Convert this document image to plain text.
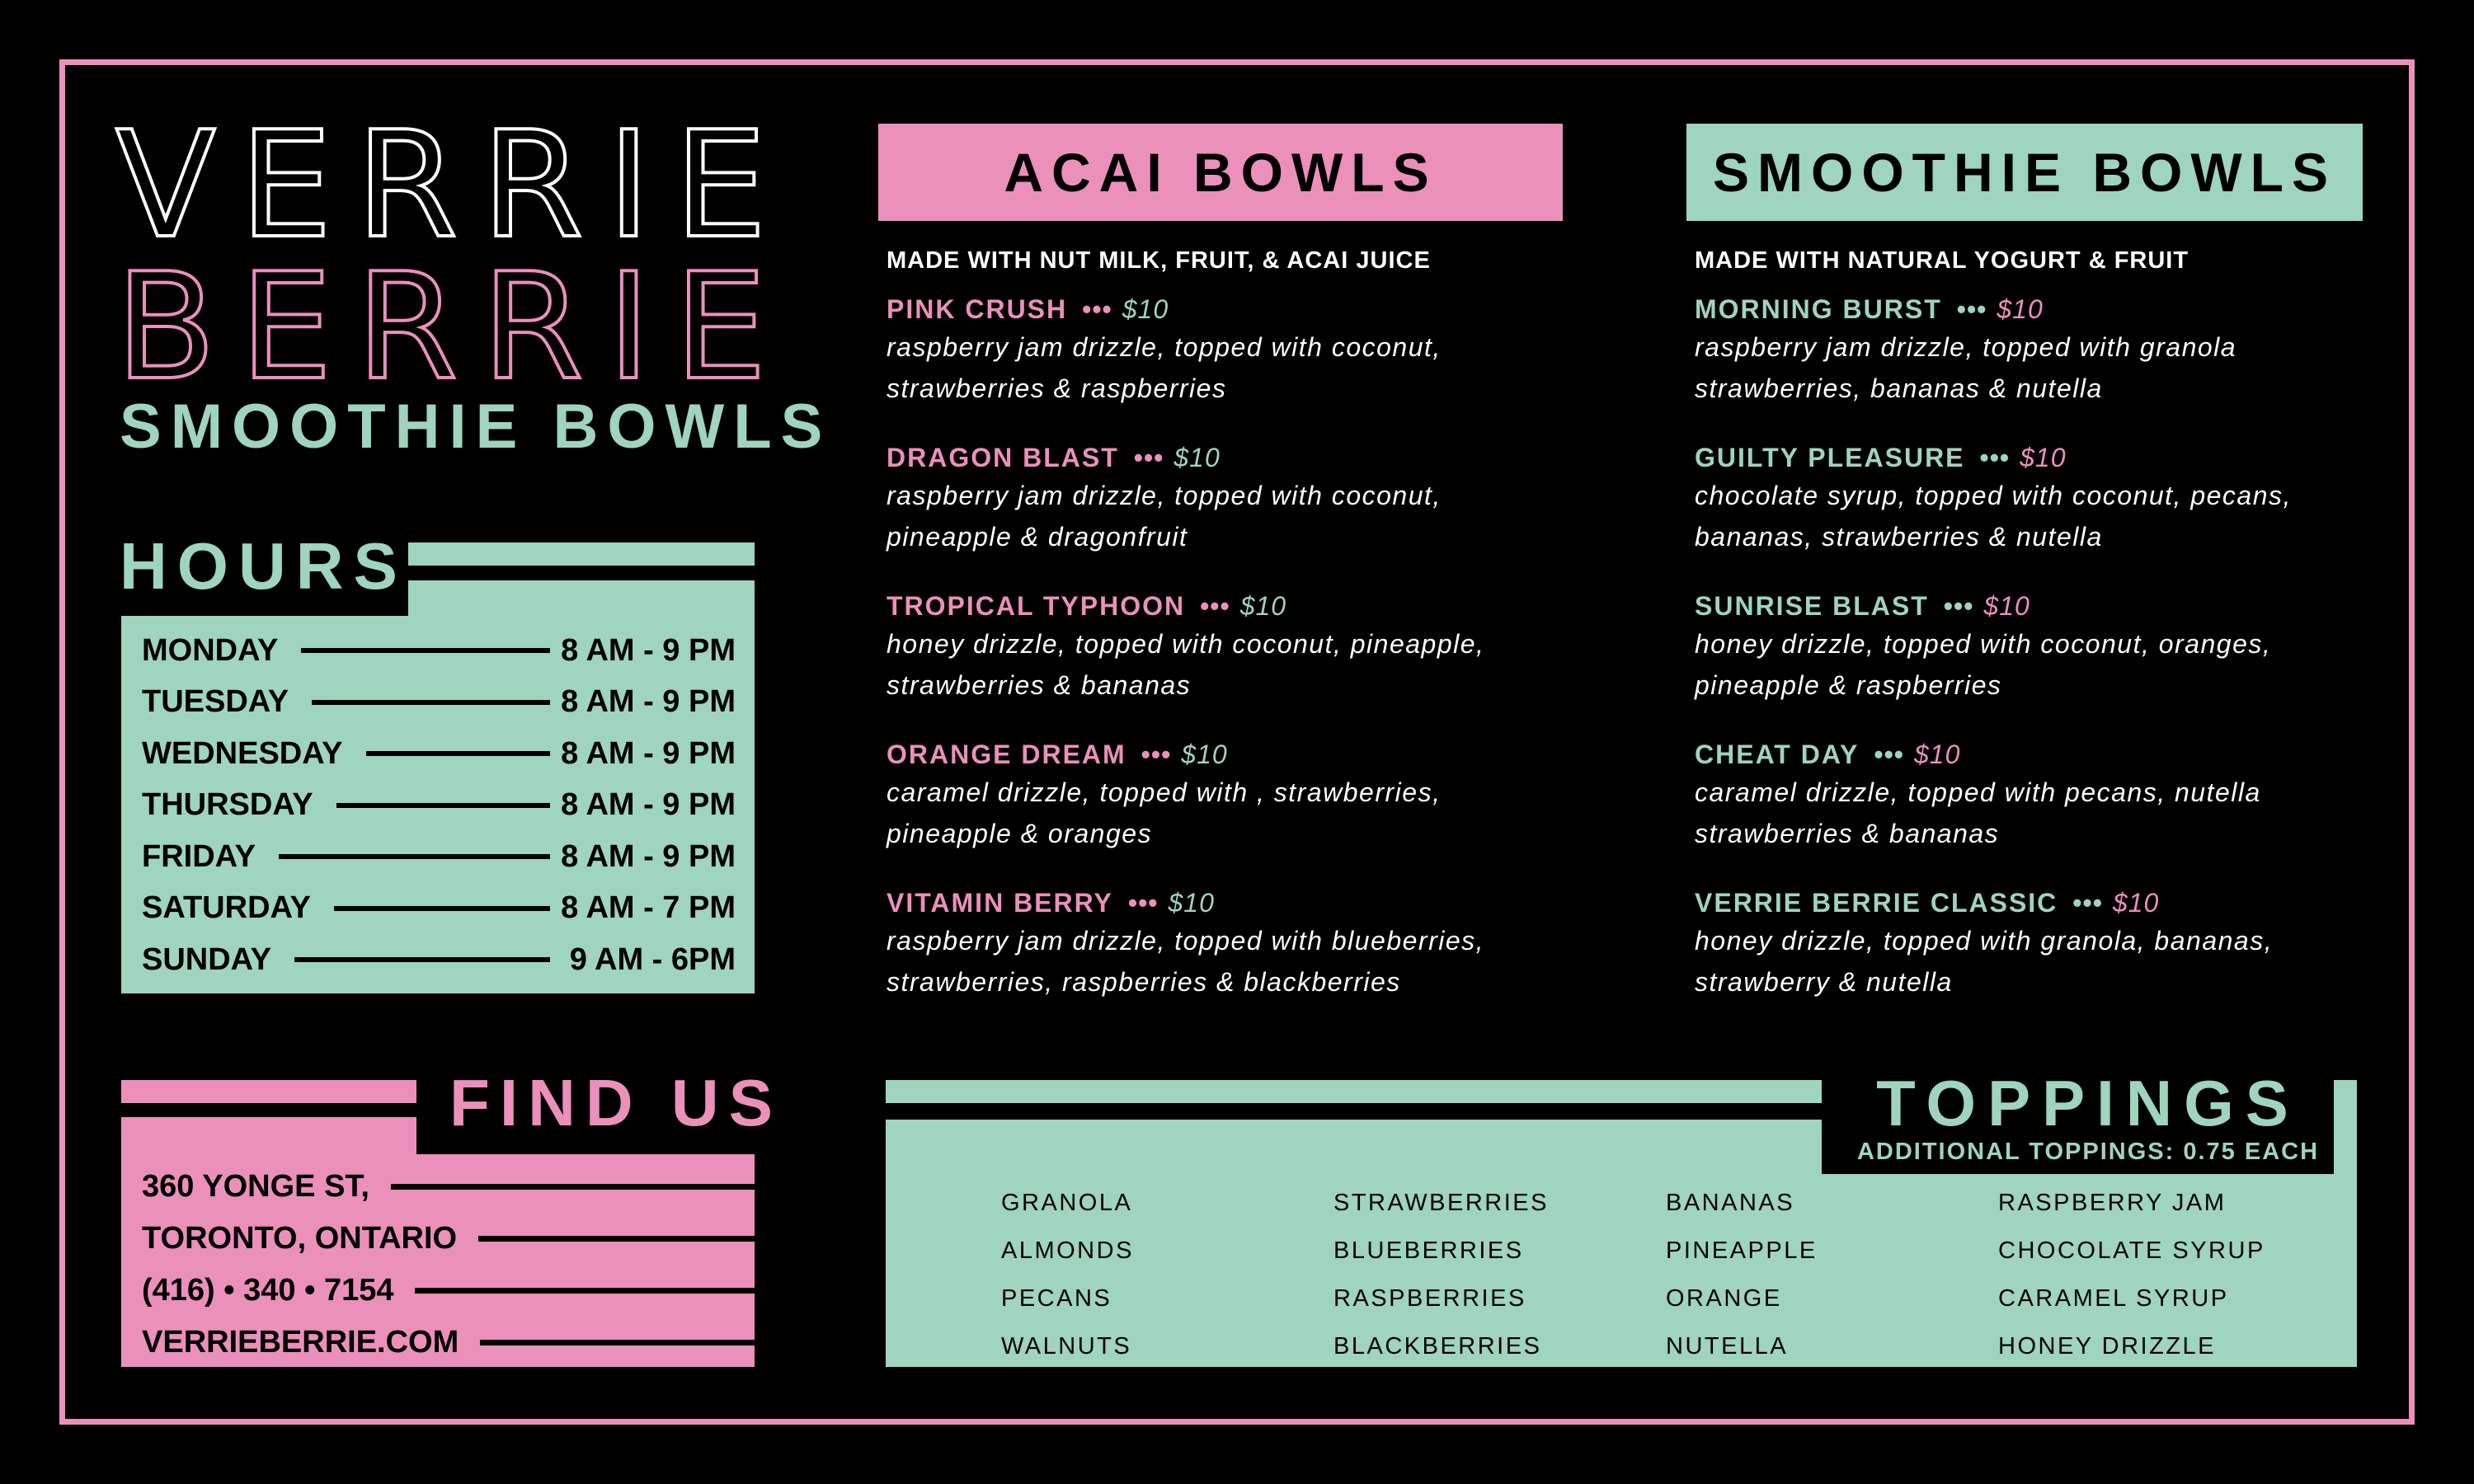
V E R R I E
B E R R I E
SMOOTHIE BOWLS
HOURS
MONDAY	8 AM - 9 PM
TUESDAY	8 AM - 9 PM
WEDNESDAY	8 AM - 9 PM
THURSDAY	8 AM - 9 PM
FRIDAY	8 AM - 9 PM
SATURDAY	8 AM - 7 PM
SUNDAY	9 AM - 6PM
FIND US
360 YONGE ST,
TORONTO, ONTARIO
(416) • 340 • 7154
VERRIEBERRIE.COM
ACAI BOWLS
MADE WITH NUT MILK, FRUIT, & ACAI JUICE
PINK CRUSH ••• $10
raspberry jam drizzle, topped with coconut,
strawberries & raspberries
DRAGON BLAST ••• $10
raspberry jam drizzle, topped with coconut,
pineapple & dragonfruit
TROPICAL TYPHOON ••• $10
honey drizzle, topped with coconut, pineapple,
strawberries & bananas
ORANGE DREAM ••• $10
caramel drizzle, topped with , strawberries,
pineapple & oranges
VITAMIN BERRY ••• $10
raspberry jam drizzle, topped with blueberries,
strawberries, raspberries & blackberries
SMOOTHIE BOWLS
MADE WITH NATURAL YOGURT & FRUIT
MORNING BURST ••• $10
raspberry jam drizzle, topped with granola
strawberries, bananas & nutella
GUILTY PLEASURE ••• $10
chocolate syrup, topped with coconut, pecans,
bananas, strawberries & nutella
SUNRISE BLAST ••• $10
honey drizzle, topped with coconut, oranges,
pineapple & raspberries
CHEAT DAY ••• $10
caramel drizzle, topped with pecans, nutella
strawberries & bananas
VERRIE BERRIE CLASSIC ••• $10
honey drizzle, topped with granola, bananas,
strawberry & nutella
TOPPINGS
ADDITIONAL TOPPINGS: 0.75 EACH
GRANOLA	STRAWBERRIES	BANANAS	RASPBERRY JAM
ALMONDS	BLUEBERRIES	PINEAPPLE	CHOCOLATE SYRUP
PECANS	RASPBERRIES	ORANGE	CARAMEL SYRUP
WALNUTS	BLACKBERRIES	NUTELLA	HONEY DRIZZLE
